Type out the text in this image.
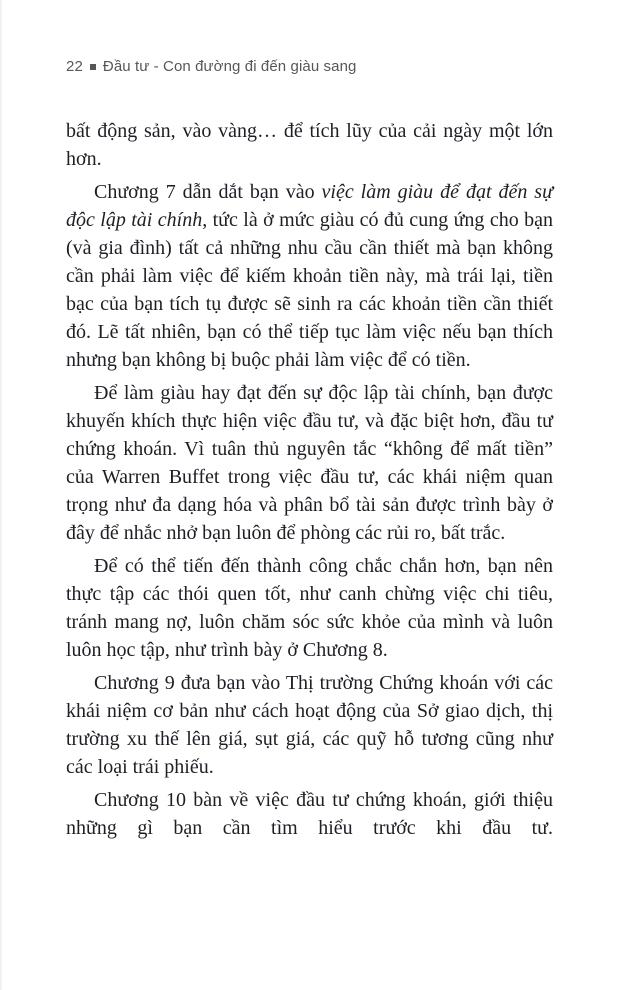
22 Đầu tư - Con đường đi đến giàu sang

bất động sản, vào vàng… để tích lũy của cải ngày một lớn hơn.

Chương 7 dẫn dắt bạn vào việc làm giàu để đạt đến sự độc lập tài chính, tức là ở mức giàu có đủ cung ứng cho bạn (và gia đình) tất cả những nhu cầu cần thiết mà bạn không cần phải làm việc để kiếm khoản tiền này, mà trái lại, tiền bạc của bạn tích tụ được sẽ sinh ra các khoản tiền cần thiết đó. Lẽ tất nhiên, bạn có thể tiếp tục làm việc nếu bạn thích nhưng bạn không bị buộc phải làm việc để có tiền.

Để làm giàu hay đạt đến sự độc lập tài chính, bạn được khuyến khích thực hiện việc đầu tư, và đặc biệt hơn, đầu tư chứng khoán. Vì tuân thủ nguyên tắc “không để mất tiền” của Warren Buffet trong việc đầu tư, các khái niệm quan trọng như đa dạng hóa và phân bổ tài sản được trình bày ở đây để nhắc nhở bạn luôn để phòng các rủi ro, bất trắc.

Để có thể tiến đến thành công chắc chắn hơn, bạn nên thực tập các thói quen tốt, như canh chừng việc chi tiêu, tránh mang nợ, luôn chăm sóc sức khỏe của mình và luôn luôn học tập, như trình bày ở Chương 8.

Chương 9 đưa bạn vào Thị trường Chứng khoán với các khái niệm cơ bản như cách hoạt động của Sở giao dịch, thị trường xu thế lên giá, sụt giá, các quỹ hỗ tương cũng như các loại trái phiếu.

Chương 10 bàn về việc đầu tư chứng khoán, giới thiệu những gì bạn cần tìm hiểu trước khi đầu tư.
